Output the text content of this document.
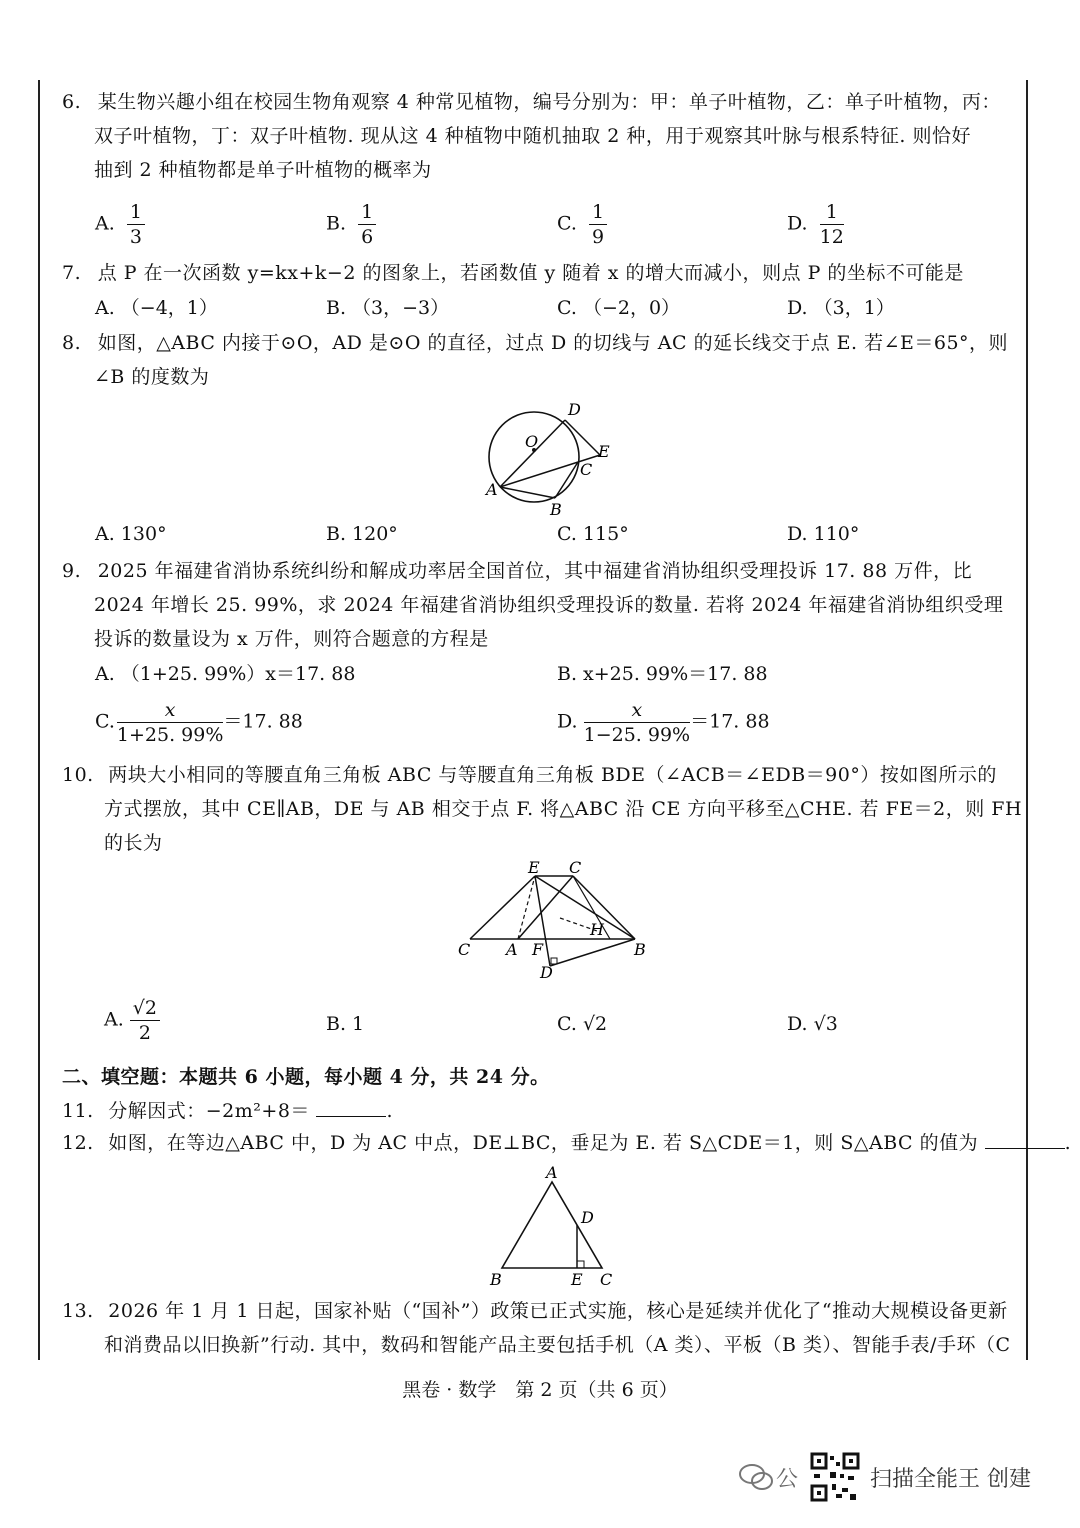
6. 某生物兴趣小组在校园生物角观察 4 种常见植物，编号分别为：甲：单子叶植物，乙：单子叶植物，丙：
双子叶植物，丁：双子叶植物. 现从这 4 种植物中随机抽取 2 种，用于观察其叶脉与根系特征. 则恰好
抽到 2 种植物都是单子叶植物的概率为
A. $\frac{1}{3}$	B. $\frac{1}{6}$	C. $\frac{1}{9}$	D. $\frac{1}{12}$
7. 点 P 在一次函数 y=kx+k−2 的图象上，若函数值 y 随着 x 的增大而减小，则点 P 的坐标不可能是
A. （−4，1）	B. （3，−3）	C. （−2，0）	D. （3，1）
8. 如图，△ABC 内接于⊙O，AD 是⊙O 的直径，过点 D 的切线与 AC 的延长线交于点 E. 若∠E＝65°，则
∠B 的度数为
D
O
E
C
A
B
A. 130°	B. 120°	C. 115°	D. 110°
9. 2025 年福建省消协系统纠纷和解成功率居全国首位，其中福建省消协组织受理投诉 17. 88 万件，比
2024 年增长 25. 99%，求 2024 年福建省消协组织受理投诉的数量. 若将 2024 年福建省消协组织受理
投诉的数量设为 x 万件，则符合题意的方程是
A. （1+25. 99%）x＝17. 88	B. x+25. 99%＝17. 88
C. $\frac{x}{1+25. 99\%} =17$. 88	D. $\frac{x}{1-25. 99\%} =17$. 88
10. 两块大小相同的等腰直角三角板 ABC 与等腰直角三角板 BDE（∠ACB＝∠EDB＝90°）按如图所示的
方式摆放，其中 CE∥AB，DE 与 AB 相交于点 F. 将△ABC 沿 CE 方向平移至△CHE. 若 FE＝2，则 FH
的长为
E C
H
C A F	B
D
A. $\frac{√2}{2}$	B. 1	C. √2	D. √3
二、填空题：本题共 6 小题，每小题 4 分，共 24 分。
11. 分解因式：−2m²+8＝	.
12. 如图，在等边△ABC 中，D 为 AC 中点，DE⊥BC，垂足为 E. 若 S△CDE＝1，则 S△ABC 的值为	.
A
D
B	E C
13. 2026 年 1 月 1 日起，国家补贴（“国补”）政策已正式实施，核心是延续并优化了“推动大规模设备更新
和消费品以旧换新”行动. 其中，数码和智能产品主要包括手机（A 类）、平板（B 类）、智能手表/手环（C
黑卷 · 数学　第 2 页（共 6 页）
公	扫描全能王 创建
